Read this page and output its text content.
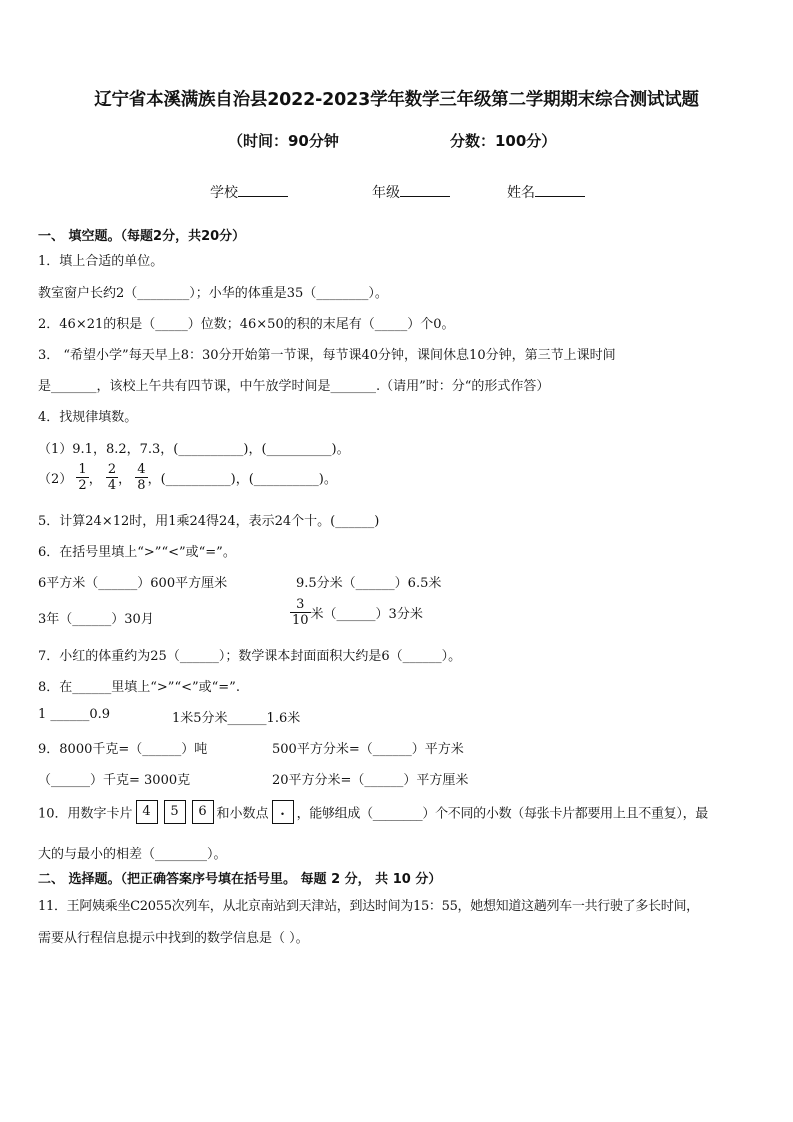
辽宁省本溪满族自治县2022-2023学年数学三年级第二学期期末综合测试试题
（时间：90分钟	分数：100分）
学校	年级	姓名
一、 填空题。（每题2分，共20分）
1．填上合适的单位。
教室窗户长约2（________）；小华的体重是35（________）。
2．46×21的积是（_____）位数；46×50的积的末尾有（_____）个0。
3． “希望小学”每天早上8：30分开始第一节课，每节课40分钟，课间休息10分钟，第三节上课时间
是_______，该校上午共有四节课，中午放学时间是_______.（请用”时：分“的形式作答）
4．找规律填数。
（1）9.1，8.2，7.3，(__________)，(__________)。
$(2) \frac{1}{2}$ ， $\frac{2}{4}$ ， $\frac{4}{8}$ ，(__________)，(__________)。
5．计算24×12时，用1乘24得24，表示24个十。(______)
6．在括号里填上“>”“<”或“=”。
6平方米（______）600平方厘米	9.5分米（______）6.5米
3年（______）30月	$\frac{3}{10}$ 米（______）3分米
7．小红的体重约为25（______）；数学课本封面面积大约是6（______）。
8．在______里填上“>”“<”或“=”.
1 ______0.9	1米5分米______1.6米
9．8000千克=（______）吨	500平方分米=（______）平方米
（______）千克= 3000克	20平方分米=（______）平方厘米
10．用数字卡片 4 5 6 和小数点 . ，能够组成（________）个不同的小数（每张卡片都要用上且不重复），最
大的与最小的相差（________）。
二、 选择题。（把正确答案序号填在括号里。 每题 2 分， 共 10 分）
11．王阿姨乘坐C2055次列车，从北京南站到天津站，到达时间为15：55，她想知道这趟列车一共行驶了多长时间，
需要从行程信息提示中找到的数学信息是（ ）。
